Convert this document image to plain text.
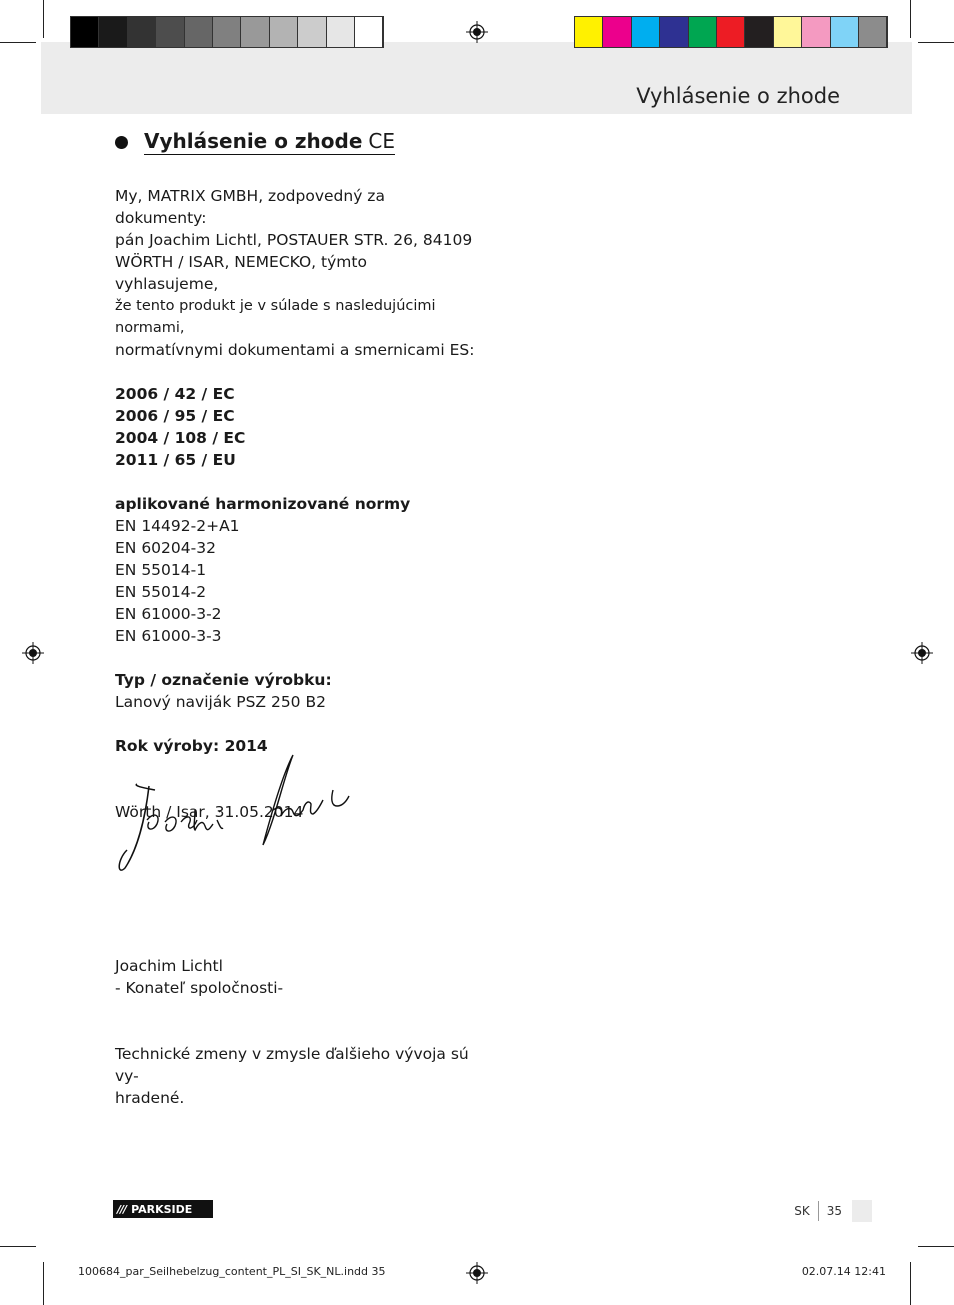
Vyhlásenie o zhode
Vyhlásenie o zhode CE

My, MATRIX GMBH, zodpovedný za dokumenty:

pán Joachim Lichtl, POSTAUER STR. 26, 84109

WÖRTH / ISAR, NEMECKO, týmto vyhlasujeme,

že tento produkt je v súlade s nasledujúcimi normami,

normatívnymi dokumentami a smernicami ES:

2006 / 42 / EC

2006 / 95 / EC

2004 / 108 / EC

2011 / 65 / EU

aplikované harmonizované normy

EN 14492-2+A1

EN 60204-32

EN 55014-1

EN 55014-2

EN 61000-3-2

EN 61000-3-3

Typ / označenie výrobku:

Lanový naviják PSZ 250 B2

Rok výroby: 2014

Wörth / Isar, 31.05.2014

Joachim Lichtl

- Konateľ spoločnosti-

Technické zmeny v zmysle ďalšieho vývoja sú vy-

hradené.

/// PARKSIDE	SK 35
100684_par_Seilhebelzug_content_PL_SI_SK_NL.indd 35	02.07.14 12:41
